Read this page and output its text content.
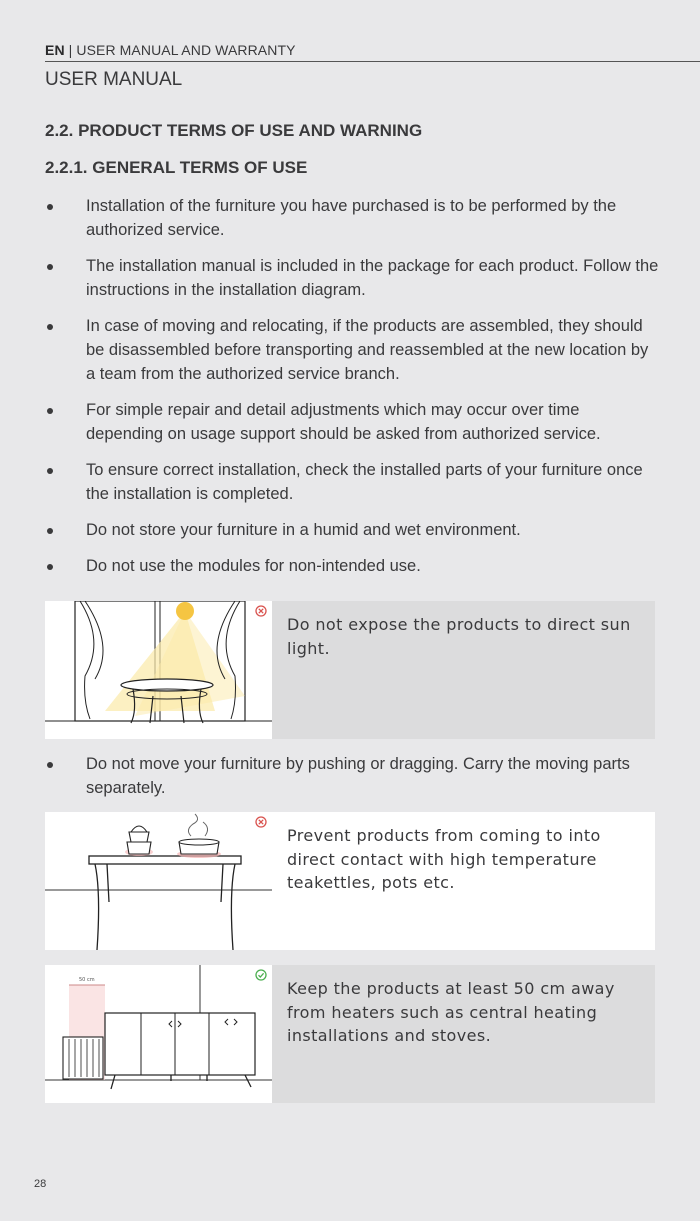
EN | USER MANUAL AND WARRANTY
USER MANUAL
2.2. PRODUCT TERMS OF USE AND WARNING
2.2.1. GENERAL TERMS OF USE
Installation of the furniture you have purchased is to be performed by the authorized service.
The installation manual is included in the package for each product. Follow the instructions in the installation diagram.
In case of moving and relocating, if the products are assembled, they should be disassembled before transporting and reassembled at the new location by a team from the authorized service branch.
For simple repair and detail adjustments which may occur over time depending on usage support should be asked from authorized service.
To ensure correct installation, check the installed parts of your furniture once the installation is completed.
Do not store your furniture in a humid and wet environment.
Do not use the modules for non-intended use.
Do not expose the products to direct sun light.
Do not move your furniture by pushing or dragging. Carry the moving parts separately.
Prevent products from coming to into direct contact with high temperature teakettles, pots etc.
50 cm	Keep the products at least 50 cm away from heaters such as central heating installations and stoves.
28
